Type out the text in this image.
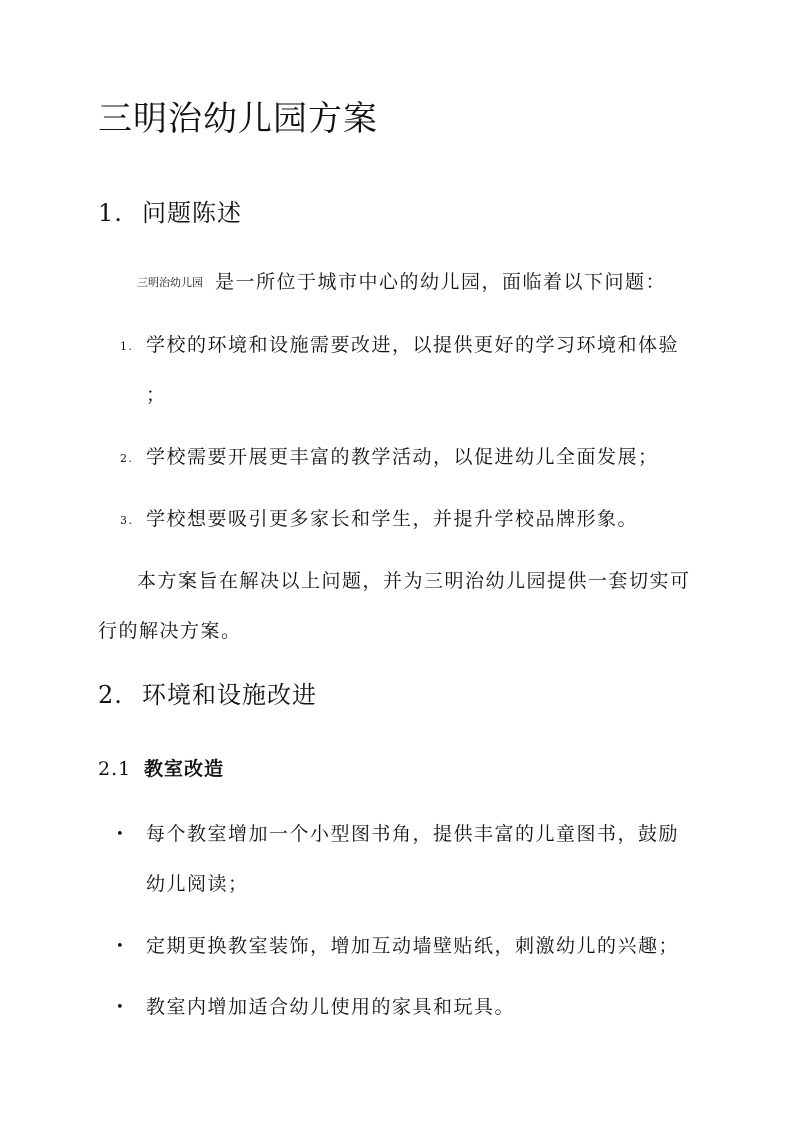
三明治幼儿园方案
1. 问题陈述
三明治幼儿园 是一所位于城市中心的幼儿园，面临着以下问题：
1. 学校的环境和设施需要改进，以提供更好的学习环境和体验
；
2. 学校需要开展更丰富的教学活动，以促进幼儿全面发展；
3. 学校想要吸引更多家长和学生，并提升学校品牌形象。
本方案旨在解决以上问题，并为三明治幼儿园提供一套切实可
行的解决方案。
2. 环境和设施改进
2.1 教室改造
• 每个教室增加一个小型图书角，提供丰富的儿童图书，鼓励
幼儿阅读；
• 定期更换教室装饰，增加互动墙壁贴纸，刺激幼儿的兴趣；
• 教室内增加适合幼儿使用的家具和玩具。
